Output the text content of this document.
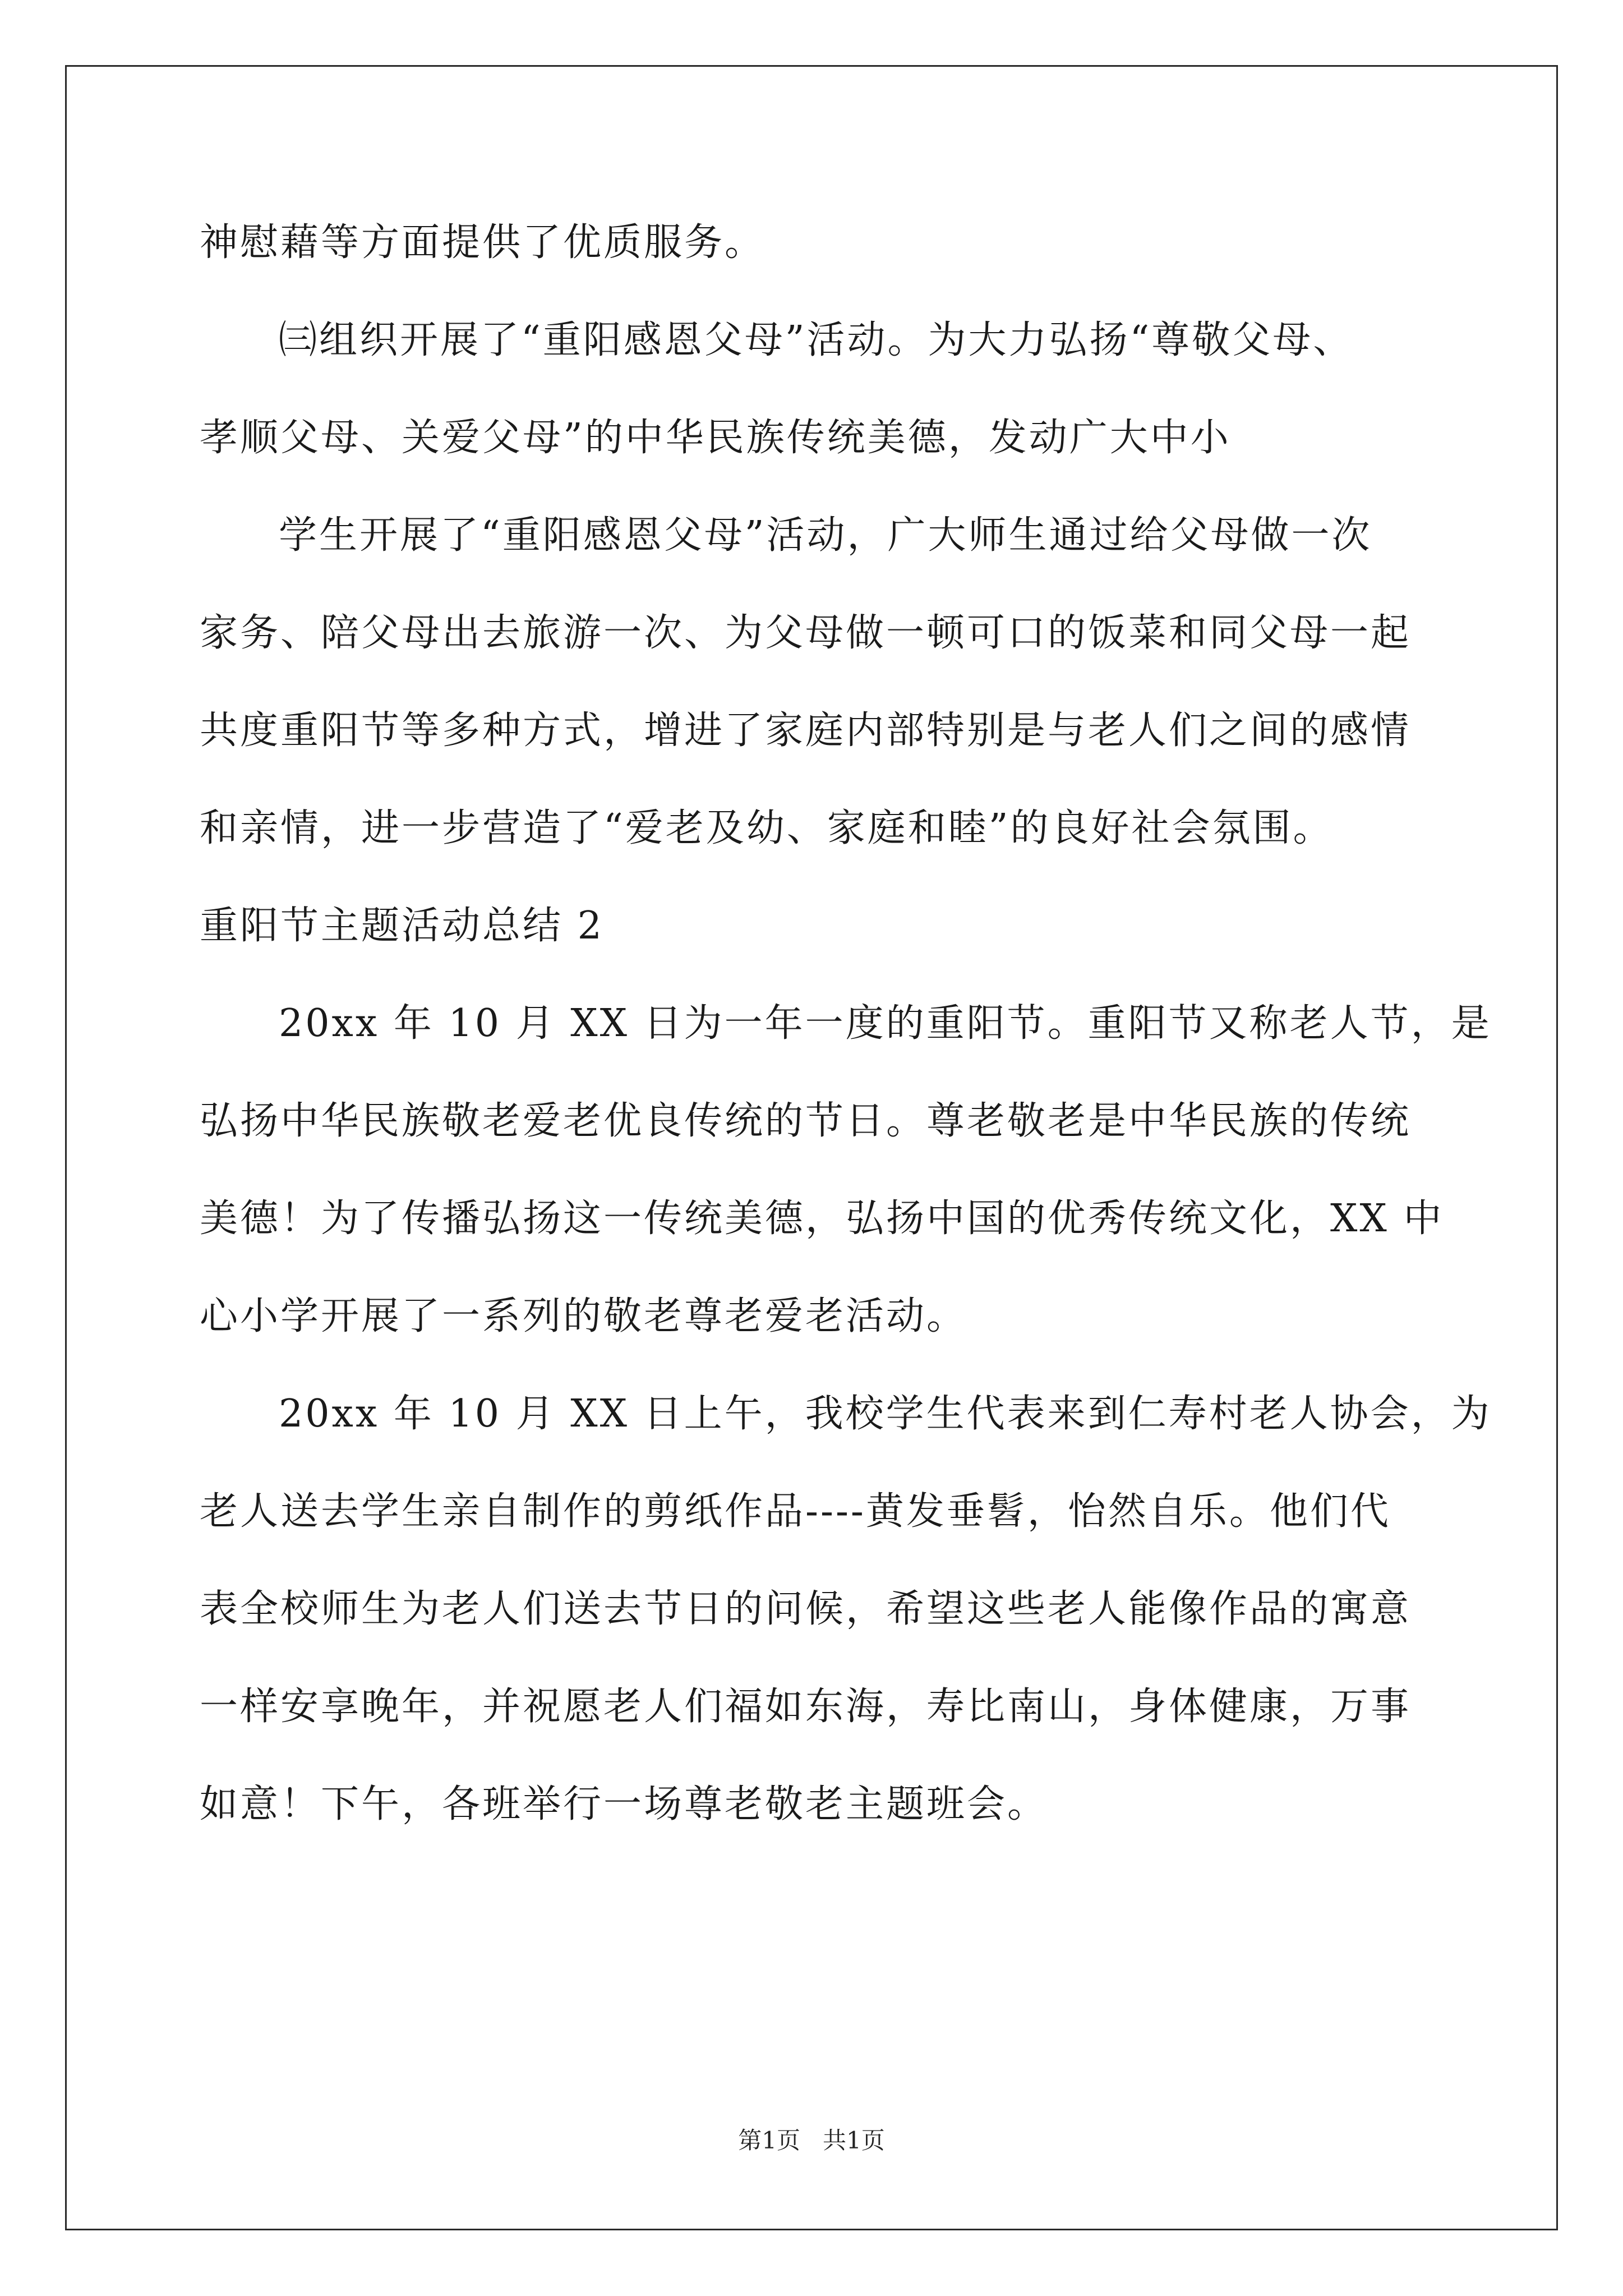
神慰藉等方面提供了优质服务。

㈢组织开展了“重阳感恩父母”活动。为大力弘扬“尊敬父母、

孝顺父母、关爱父母”的中华民族传统美德，发动广大中小

学生开展了“重阳感恩父母”活动，广大师生通过给父母做一次

家务、陪父母出去旅游一次、为父母做一顿可口的饭菜和同父母一起

共度重阳节等多种方式，增进了家庭内部特别是与老人们之间的感情

和亲情，进一步营造了“爱老及幼、家庭和睦”的良好社会氛围。

重阳节主题活动总结 2

20xx 年 10 月 XX 日为一年一度的重阳节。重阳节又称老人节，是

弘扬中华民族敬老爱老优良传统的节日。尊老敬老是中华民族的传统

美德！为了传播弘扬这一传统美德，弘扬中国的优秀传统文化，XX 中

心小学开展了一系列的敬老尊老爱老活动。

20xx 年 10 月 XX 日上午，我校学生代表来到仁寿村老人协会，为

老人送去学生亲自制作的剪纸作品----黄发垂髫，怡然自乐。他们代

表全校师生为老人们送去节日的问候，希望这些老人能像作品的寓意

一样安享晚年，并祝愿老人们福如东海，寿比南山，身体健康，万事

如意！下午，各班举行一场尊老敬老主题班会。

第1页   共1页
